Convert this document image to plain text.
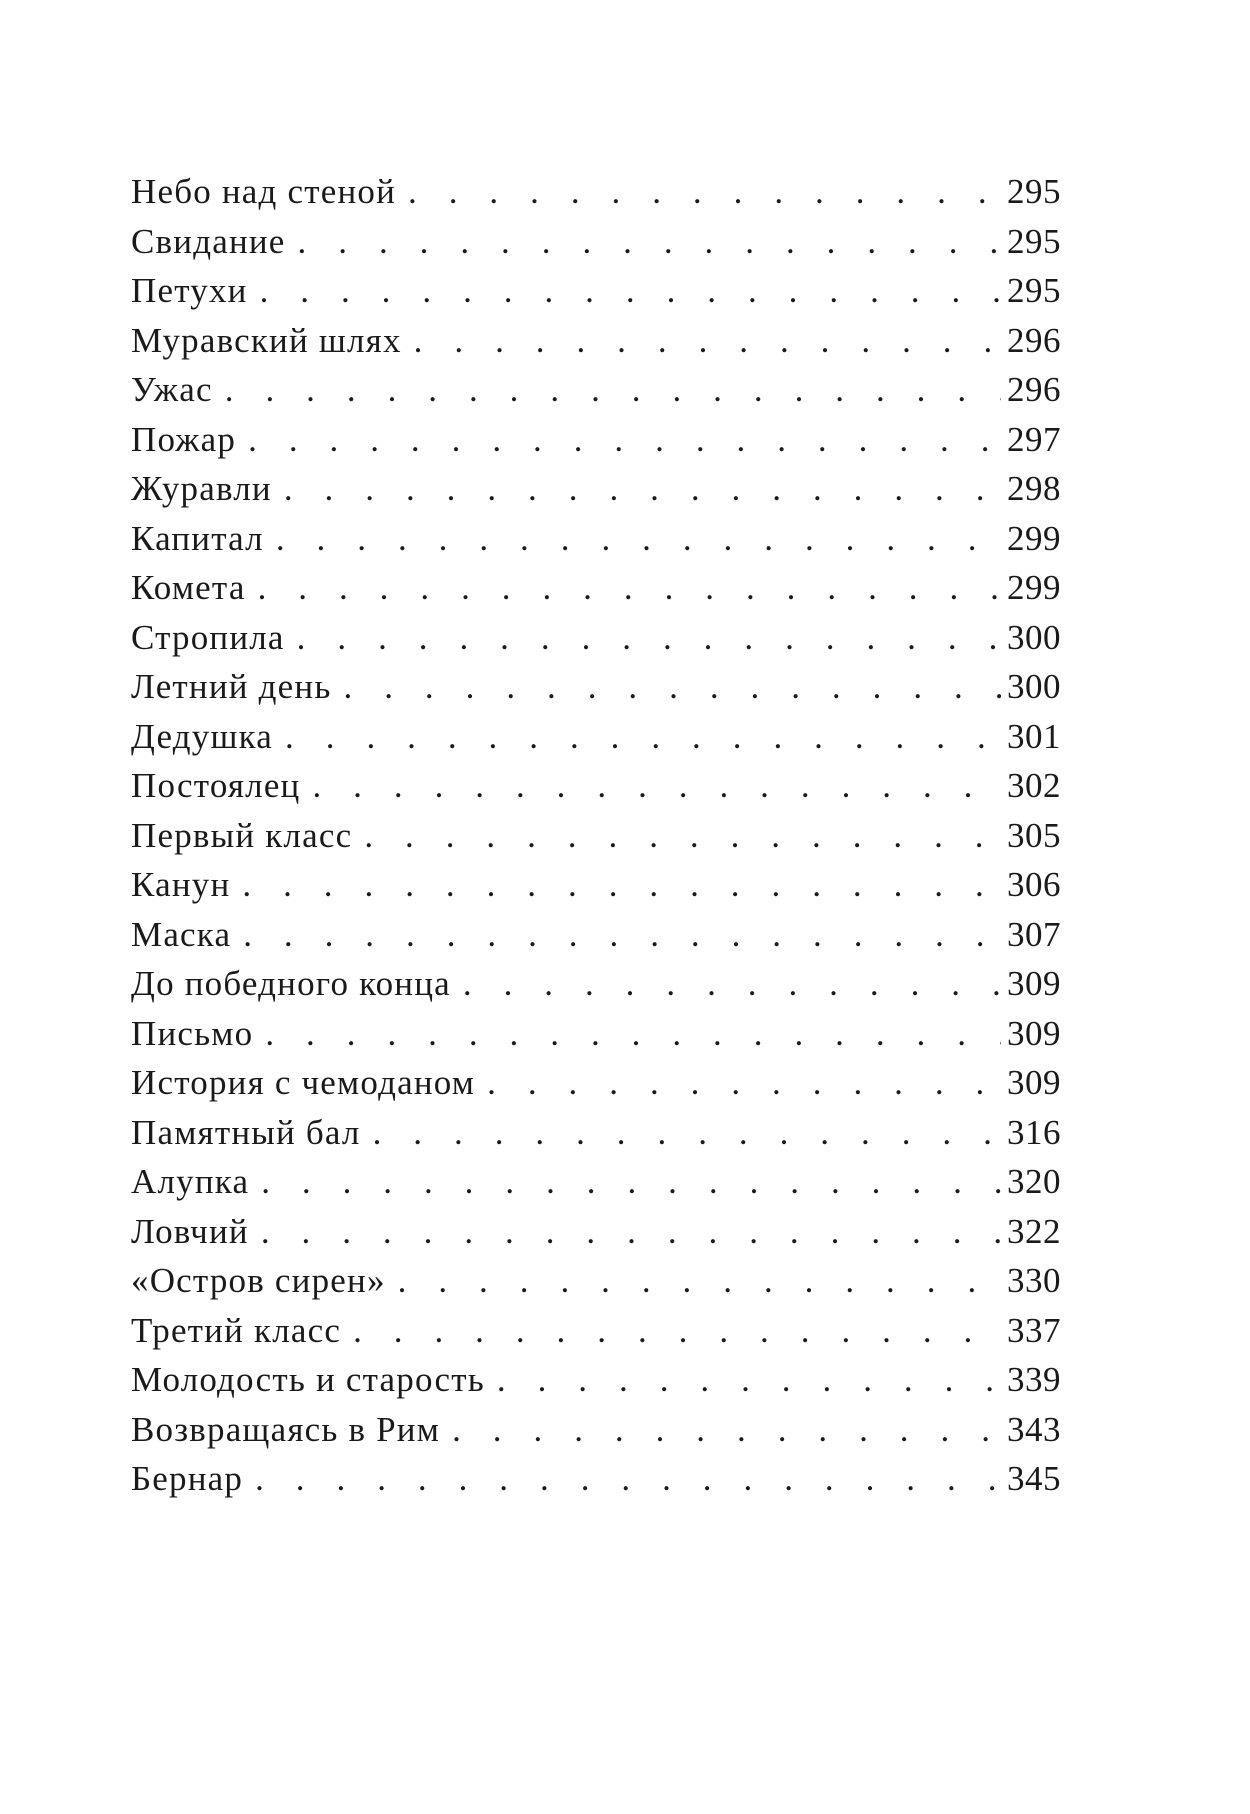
Небо над стеной . . .	295
Свидание . . .	295
Петухи . . .	295
Муравский шлях . . .	296
Ужас . . .	296
Пожар . . .	297
Журавли . . .	298
Капитал . . .	299
Комета . . .	299
Стропила . . .	300
Летний день . . .	300
Дедушка . . .	301
Постоялец . . .	302
Первый класс . . .	305
Канун . . .	306
Маска . . .	307
До победного конца . . .	309
Письмо . . .	309
История с чемоданом . . .	309
Памятный бал . . .	316
Алупка . . .	320
Ловчий . . .	322
«Остров сирен» . . .	330
Третий класс . . .	337
Молодость и старость . . .	339
Возвращаясь в Рим . . .	343
Бернар . . .	345
